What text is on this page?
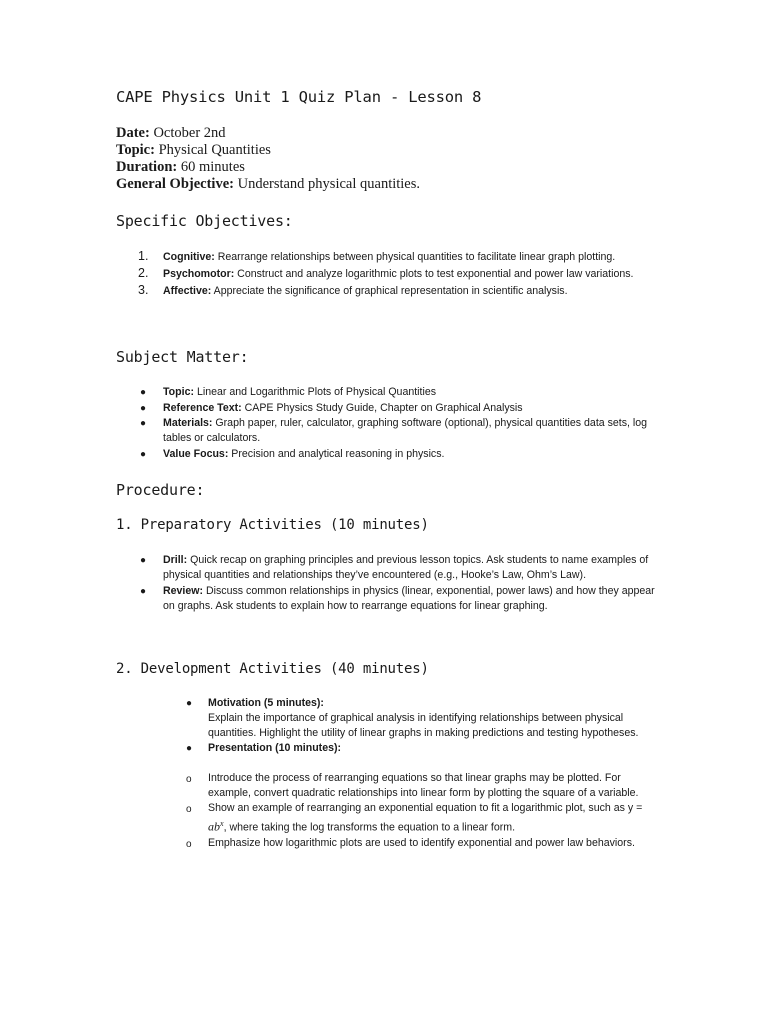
CAPE Physics Unit 1 Quiz Plan - Lesson 8
Date: October 2nd
Topic: Physical Quantities
Duration: 60 minutes
General Objective: Understand physical quantities.
Specific Objectives:
1. Cognitive: Rearrange relationships between physical quantities to facilitate linear graph plotting.
2. Psychomotor: Construct and analyze logarithmic plots to test exponential and power law variations.
3. Affective: Appreciate the significance of graphical representation in scientific analysis.
Subject Matter:
● Topic: Linear and Logarithmic Plots of Physical Quantities
● Reference Text: CAPE Physics Study Guide, Chapter on Graphical Analysis
● Materials: Graph paper, ruler, calculator, graphing software (optional), physical quantities data sets, log tables or calculators.
● Value Focus: Precision and analytical reasoning in physics.
Procedure:
1. Preparatory Activities (10 minutes)
● Drill: Quick recap on graphing principles and previous lesson topics. Ask students to name examples of physical quantities and relationships they’ve encountered (e.g., Hooke’s Law, Ohm’s Law).
● Review: Discuss common relationships in physics (linear, exponential, power laws) and how they appear on graphs. Ask students to explain how to rearrange equations for linear graphing.
2. Development Activities (40 minutes)
● Motivation (5 minutes):
Explain the importance of graphical analysis in identifying relationships between physical quantities. Highlight the utility of linear graphs in making predictions and testing hypotheses.
● Presentation (10 minutes):
o Introduce the process of rearranging equations so that linear graphs may be plotted. For example, convert quadratic relationships into linear form by plotting the square of a variable.
o Show an example of rearranging an exponential equation to fit a logarithmic plot, such as $y = ab^x$, where taking the log transforms the equation to a linear form.
o Emphasize how logarithmic plots are used to identify exponential and power law behaviors.
